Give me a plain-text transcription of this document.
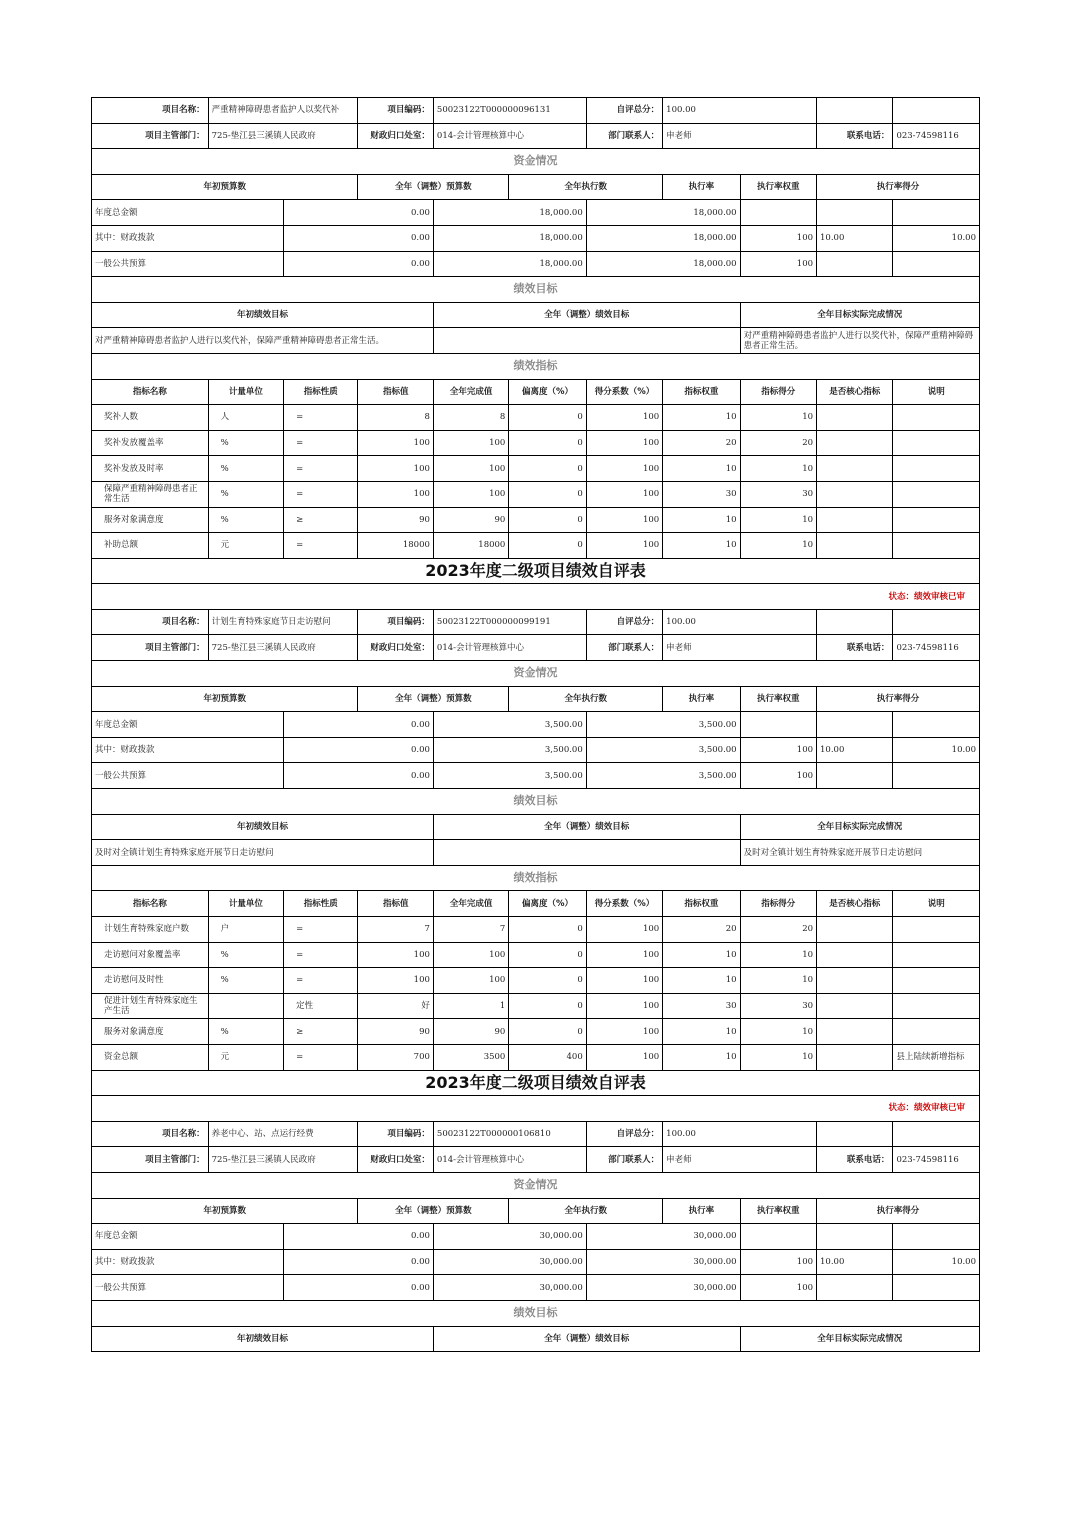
项目名称：	严重精神障碍患者监护人以奖代补		项目编码：	50023122T000000096131		自评总分：	100.00			
项目主管部门：	725-垫江县三溪镇人民政府		财政归口处室：	014-会计管理核算中心		部门联系人：	申老师		联系电话：	023-74598116
资金情况										
年初预算数			全年（调整）预算数		全年执行数		执行率	执行率权重	执行率得分	
年度总金额		0.00		18,000.00		18,000.00				
其中：财政拨款		0.00		18,000.00		18,000.00		100	10.00	10.00
一般公共预算		0.00		18,000.00		18,000.00		100		
绩效目标										
年初绩效目标				全年（调整）绩效目标				全年目标实际完成情况		
对严重精神障碍患者监护人进行以奖代补，保障严重精神障碍患者正常生活。								对严重精神障碍患者监护人进行以奖代补，保障严重精神障碍患者正常生活。		
绩效指标										
指标名称	计量单位	指标性质	指标值	全年完成值	偏离度（%）	得分系数（%）	指标权重	指标得分	是否核心指标	说明
奖补人数	人	=	8	8	0	100	10	10		
奖补发放覆盖率	%	=	100	100	0	100	20	20		
奖补发放及时率	%	=	100	100	0	100	10	10		
保障严重精神障碍患者正常生活	%	=	100	100	0	100	30	30		
服务对象满意度	%	≥	90	90	0	100	10	10		
补助总额	元	=	18000	18000	0	100	10	10		
2023年度二级项目绩效自评表										
状态：绩效审核已审										
项目名称：	计划生育特殊家庭节日走访慰问		项目编码：	50023122T000000099191		自评总分：	100.00			
项目主管部门：	725-垫江县三溪镇人民政府		财政归口处室：	014-会计管理核算中心		部门联系人：	申老师		联系电话：	023-74598116
资金情况										
年初预算数			全年（调整）预算数		全年执行数		执行率	执行率权重	执行率得分	
年度总金额		0.00		3,500.00		3,500.00				
其中：财政拨款		0.00		3,500.00		3,500.00		100	10.00	10.00
一般公共预算		0.00		3,500.00		3,500.00		100		
绩效目标										
年初绩效目标				全年（调整）绩效目标				全年目标实际完成情况		
及时对全镇计划生育特殊家庭开展节日走访慰问								及时对全镇计划生育特殊家庭开展节日走访慰问		
绩效指标										
指标名称	计量单位	指标性质	指标值	全年完成值	偏离度（%）	得分系数（%）	指标权重	指标得分	是否核心指标	说明
计划生育特殊家庭户数	户	=	7	7	0	100	20	20		
走访慰问对象覆盖率	%	=	100	100	0	100	10	10		
走访慰问及时性	%	=	100	100	0	100	10	10		
促进计划生育特殊家庭生产生活		定性	好	1	0	100	30	30		
服务对象满意度	%	≥	90	90	0	100	10	10		
资金总额	元	=	700	3500	400	100	10	10		县上陆续新增指标
2023年度二级项目绩效自评表										
状态：绩效审核已审										
项目名称：	养老中心、站、点运行经费		项目编码：	50023122T000000106810		自评总分：	100.00			
项目主管部门：	725-垫江县三溪镇人民政府		财政归口处室：	014-会计管理核算中心		部门联系人：	申老师		联系电话：	023-74598116
资金情况										
年初预算数			全年（调整）预算数		全年执行数		执行率	执行率权重	执行率得分	
年度总金额		0.00		30,000.00		30,000.00				
其中：财政拨款		0.00		30,000.00		30,000.00		100	10.00	10.00
一般公共预算		0.00		30,000.00		30,000.00		100		
绩效目标										
年初绩效目标				全年（调整）绩效目标				全年目标实际完成情况		
